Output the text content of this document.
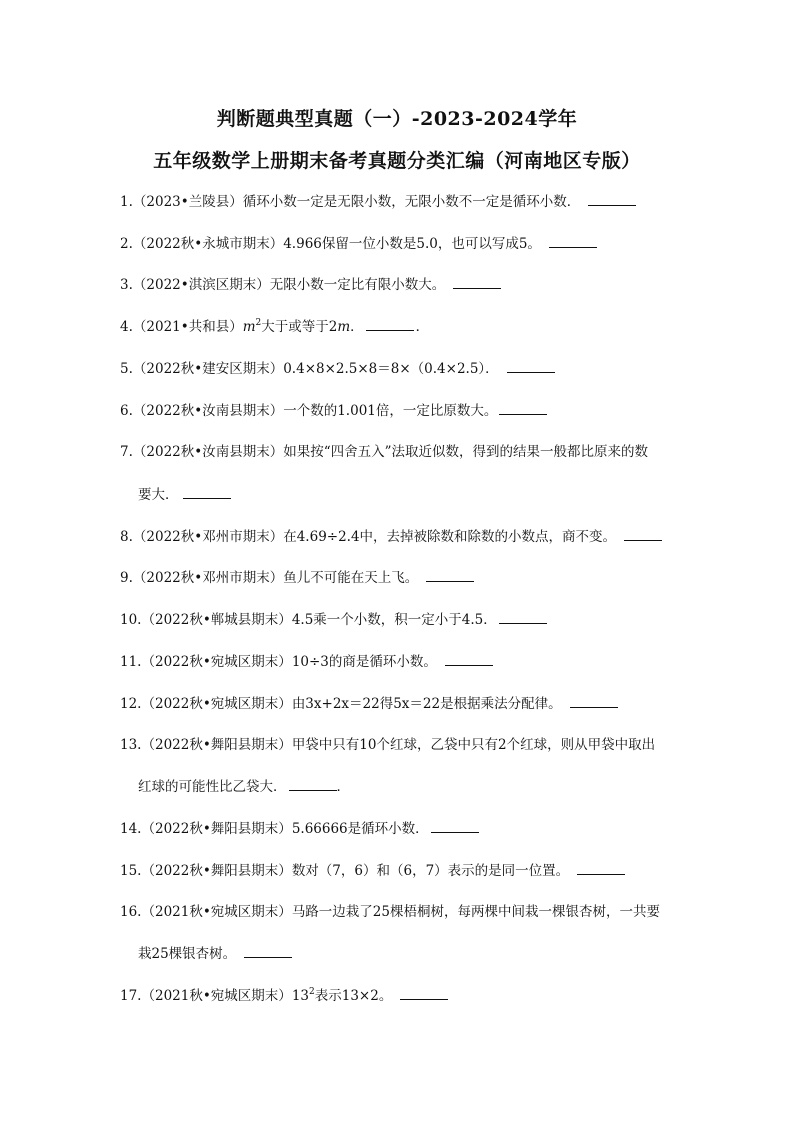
判断题典型真题（一）-2023-2024学年
五年级数学上册期末备考真题分类汇编（河南地区专版）
1.（2023•兰陵县）循环小数一定是无限小数，无限小数不一定是循环小数．
2.（2022秋•永城市期末）4.966保留一位小数是5.0，也可以写成5。
3.（2022•淇滨区期末）无限小数一定比有限小数大。
4.（2021•共和县）$m^2$大于或等于2m．	．
5.（2022秋•建安区期末）0.4×8×2.5×8＝8×（0.4×2.5）．
6.（2022秋•汝南县期末）一个数的1.001倍，一定比原数大。
7.（2022秋•汝南县期末）如果按“四舍五入”法取近似数，得到的结果一般都比原来的数
要大．
8.（2022秋•邓州市期末）在4.69÷2.4中，去掉被除数和除数的小数点，商不变。
9.（2022秋•邓州市期末）鱼儿不可能在天上飞。
10.（2022秋•郸城县期末）4.5乘一个小数，积一定小于4.5．
11.（2022秋•宛城区期末）10÷3的商是循环小数。
12.（2022秋•宛城区期末）由3x+2x＝22得5x＝22是根据乘法分配律。
13.（2022秋•舞阳县期末）甲袋中只有10个红球，乙袋中只有2个红球，则从甲袋中取出
红球的可能性比乙袋大．	．
14.（2022秋•舞阳县期末）5.66666是循环小数．
15.（2022秋•舞阳县期末）数对（7，6）和（6，7）表示的是同一位置。
16.（2021秋•宛城区期末）马路一边栽了25棵梧桐树，每两棵中间栽一棵银杏树，一共要
栽25棵银杏树。
17.（2021秋•宛城区期末）$13^2$表示13×2。
